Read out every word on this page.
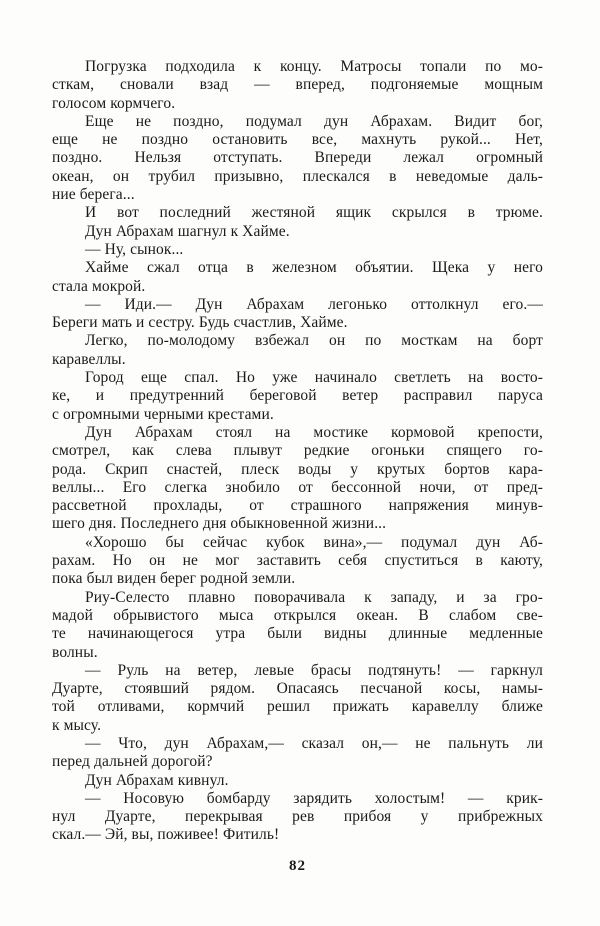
Погрузка подходила к концу. Матросы топали по мо-
сткам, сновали взад — вперед, подгоняемые мощным
голосом кормчего.
Еще не поздно, подумал дун Абрахам. Видит бог,
еще не поздно остановить все, махнуть рукой... Нет,
поздно. Нельзя отступать. Впереди лежал огромный
океан, он трубил призывно, плескался в неведомые даль-
ние берега...
И вот последний жестяной ящик скрылся в трюме.
Дун Абрахам шагнул к Хайме.
— Ну, сынок...
Хайме сжал отца в железном объятии. Щека у него
стала мокрой.
— Иди.— Дун Абрахам легонько оттолкнул его.—
Береги мать и сестру. Будь счастлив, Хайме.
Легко, по-молодому взбежал он по мосткам на борт
каравеллы.
Город еще спал. Но уже начинало светлеть на восто-
ке, и предутренний береговой ветер расправил паруса
с огромными черными крестами.
Дун Абрахам стоял на мостике кормовой крепости,
смотрел, как слева плывут редкие огоньки спящего го-
рода. Скрип снастей, плеск воды у крутых бортов кара-
веллы... Его слегка знобило от бессонной ночи, от пред-
рассветной прохлады, от страшного напряжения минув-
шего дня. Последнего дня обыкновенной жизни...
«Хорошо бы сейчас кубок вина»,— подумал дун Аб-
рахам. Но он не мог заставить себя спуститься в каюту,
пока был виден берег родной земли.
Риу-Селесто плавно поворачивала к западу, и за гро-
мадой обрывистого мыса открылся океан. В слабом све-
те начинающегося утра были видны длинные медленные
волны.
— Руль на ветер, левые брасы подтянуть! — гаркнул
Дуарте, стоявший рядом. Опасаясь песчаной косы, намы-
той отливами, кормчий решил прижать каравеллу ближе
к мысу.
— Что, дун Абрахам,— сказал он,— не пальнуть ли
перед дальней дорогой?
Дун Абрахам кивнул.
— Носовую бомбарду зарядить холостым! — крик-
нул Дуарте, перекрывая рев прибоя у прибрежных
скал.— Эй, вы, поживее! Фитиль!
82
